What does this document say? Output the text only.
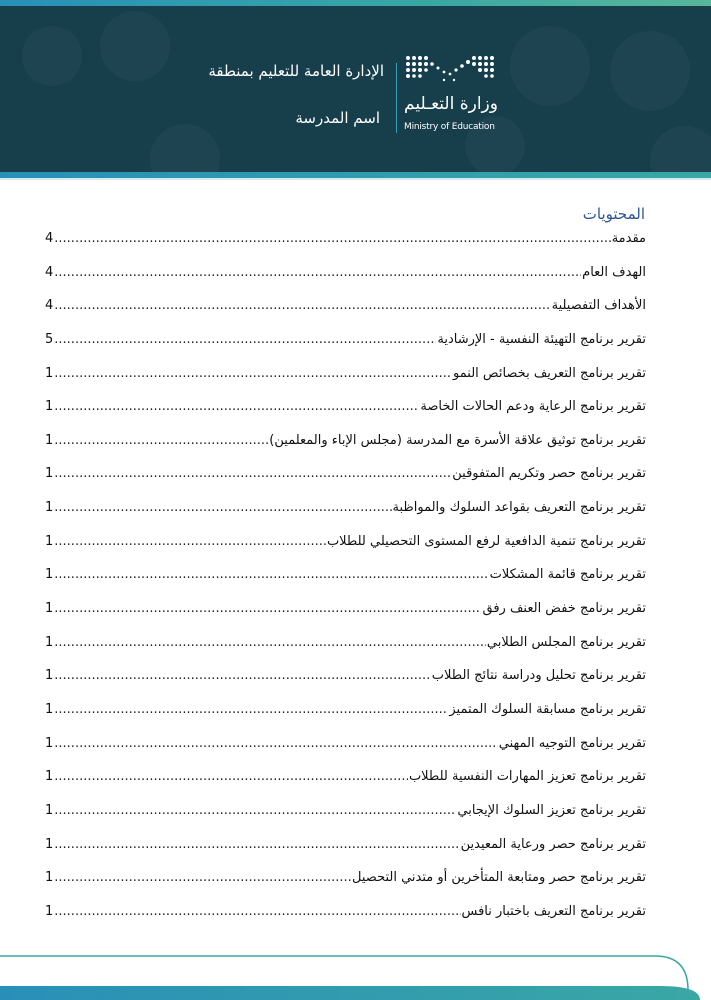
الإدارة العامة للتعليم بمنطقة
اسم المدرسة
وزارة التعـليم
Ministry of Education
المحتويات
مقدمة
.....
4
الهدف العام
.....
4
الأهداف التفصيلية
.....
4
تقرير برنامج التهيئة النفسية - الإرشادية
.....
5
تقرير برنامج التعريف بخصائص النمو
.....
1
تقرير برنامج الرعاية ودعم الحالات الخاصة
.....
1
تقرير برنامج توثيق علاقة الأسرة مع المدرسة (مجلس الإباء والمعلمين)
.....
1
تقرير برنامج حصر وتكريم المتفوقين
.....
1
تقرير برنامج التعريف بقواعد السلوك والمواظبة
.....
1
تقرير برنامج تنمية الدافعية لرفع المستوى التحصيلي للطلاب
.....
1
تقرير برنامج قائمة المشكلات
.....
1
تقرير برنامج خفض العنف رفق
.....
1
تقرير برنامج المجلس الطلابي
.....
1
تقرير برنامج تحليل ودراسة نتائج الطلاب
.....
1
تقرير برنامج مسابقة السلوك المتميز
.....
1
تقرير برنامج التوجيه المهني
.....
1
تقرير برنامج تعزيز المهارات النفسية للطلاب
.....
1
تقرير برنامج تعزيز السلوك الإيجابي
.....
1
تقرير برنامج حصر ورعاية المعيدين
.....
1
تقرير برنامج حصر ومتابعة المتأخرين أو متدني التحصيل
.....
1
تقرير برنامج التعريف باختبار نافس
.....
1
